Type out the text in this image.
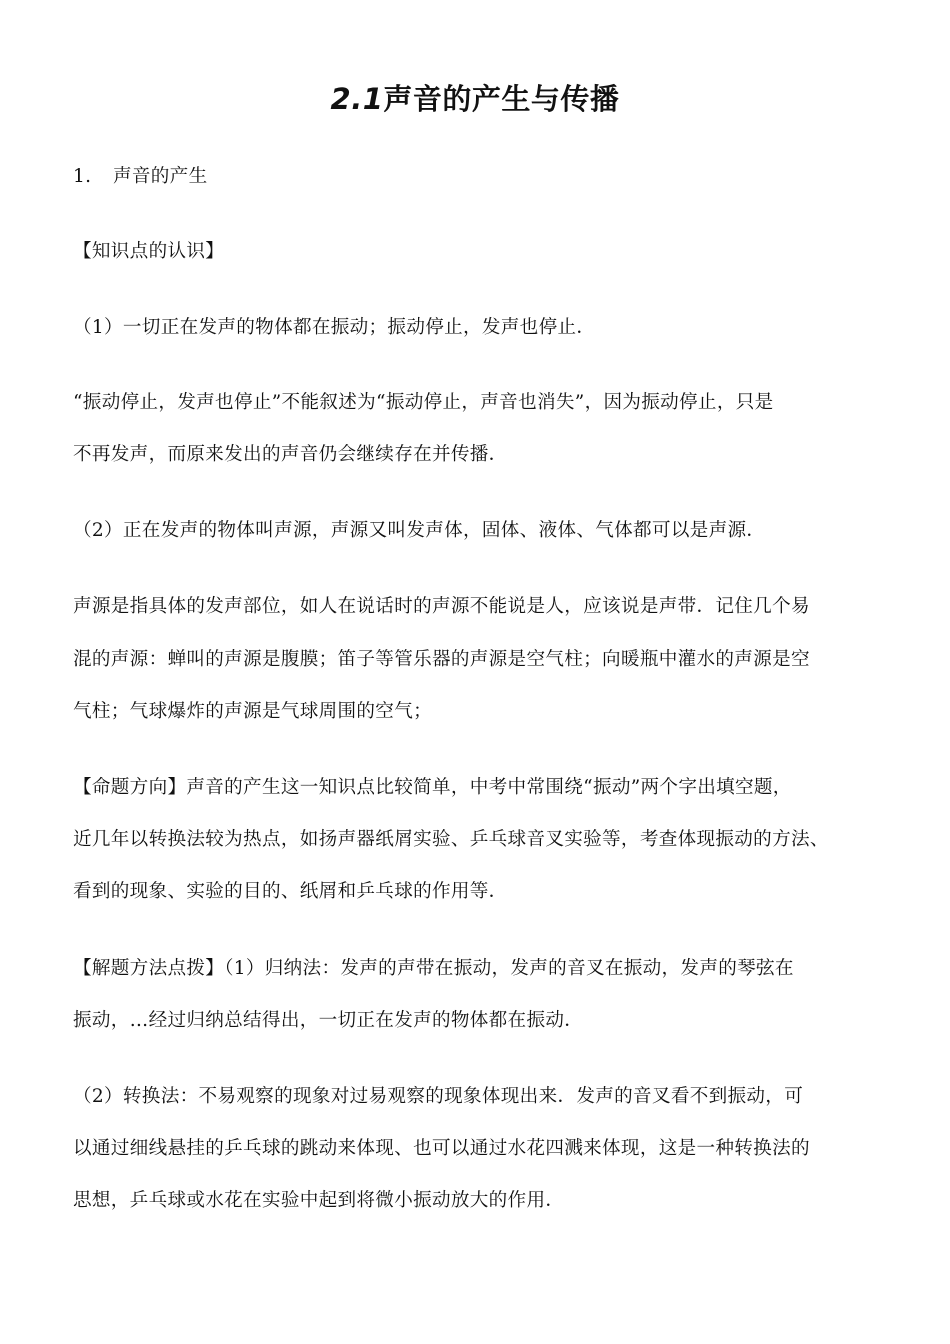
2.1声音的产生与传播
1. 声音的产生
【知识点的认识】
（1）一切正在发声的物体都在振动；振动停止，发声也停止．
“振动停止，发声也停止”不能叙述为“振动停止，声音也消失”，因为振动停止，只是
不再发声，而原来发出的声音仍会继续存在并传播．
（2）正在发声的物体叫声源，声源又叫发声体，固体、液体、气体都可以是声源．
声源是指具体的发声部位，如人在说话时的声源不能说是人，应该说是声带．记住几个易
混的声源：蝉叫的声源是腹膜；笛子等管乐器的声源是空气柱；向暖瓶中灌水的声源是空
气柱；气球爆炸的声源是气球周围的空气；
【命题方向】声音的产生这一知识点比较简单，中考中常围绕“振动”两个字出填空题，
近几年以转换法较为热点，如扬声器纸屑实验、乒乓球音叉实验等，考查体现振动的方法、
看到的现象、实验的目的、纸屑和乒乓球的作用等．
【解题方法点拨】（1）归纳法：发声的声带在振动，发声的音叉在振动，发声的琴弦在
振动，…经过归纳总结得出，一切正在发声的物体都在振动．
（2）转换法：不易观察的现象对过易观察的现象体现出来．发声的音叉看不到振动，可
以通过细线悬挂的乒乓球的跳动来体现、也可以通过水花四溅来体现，这是一种转换法的
思想，乒乓球或水花在实验中起到将微小振动放大的作用．
